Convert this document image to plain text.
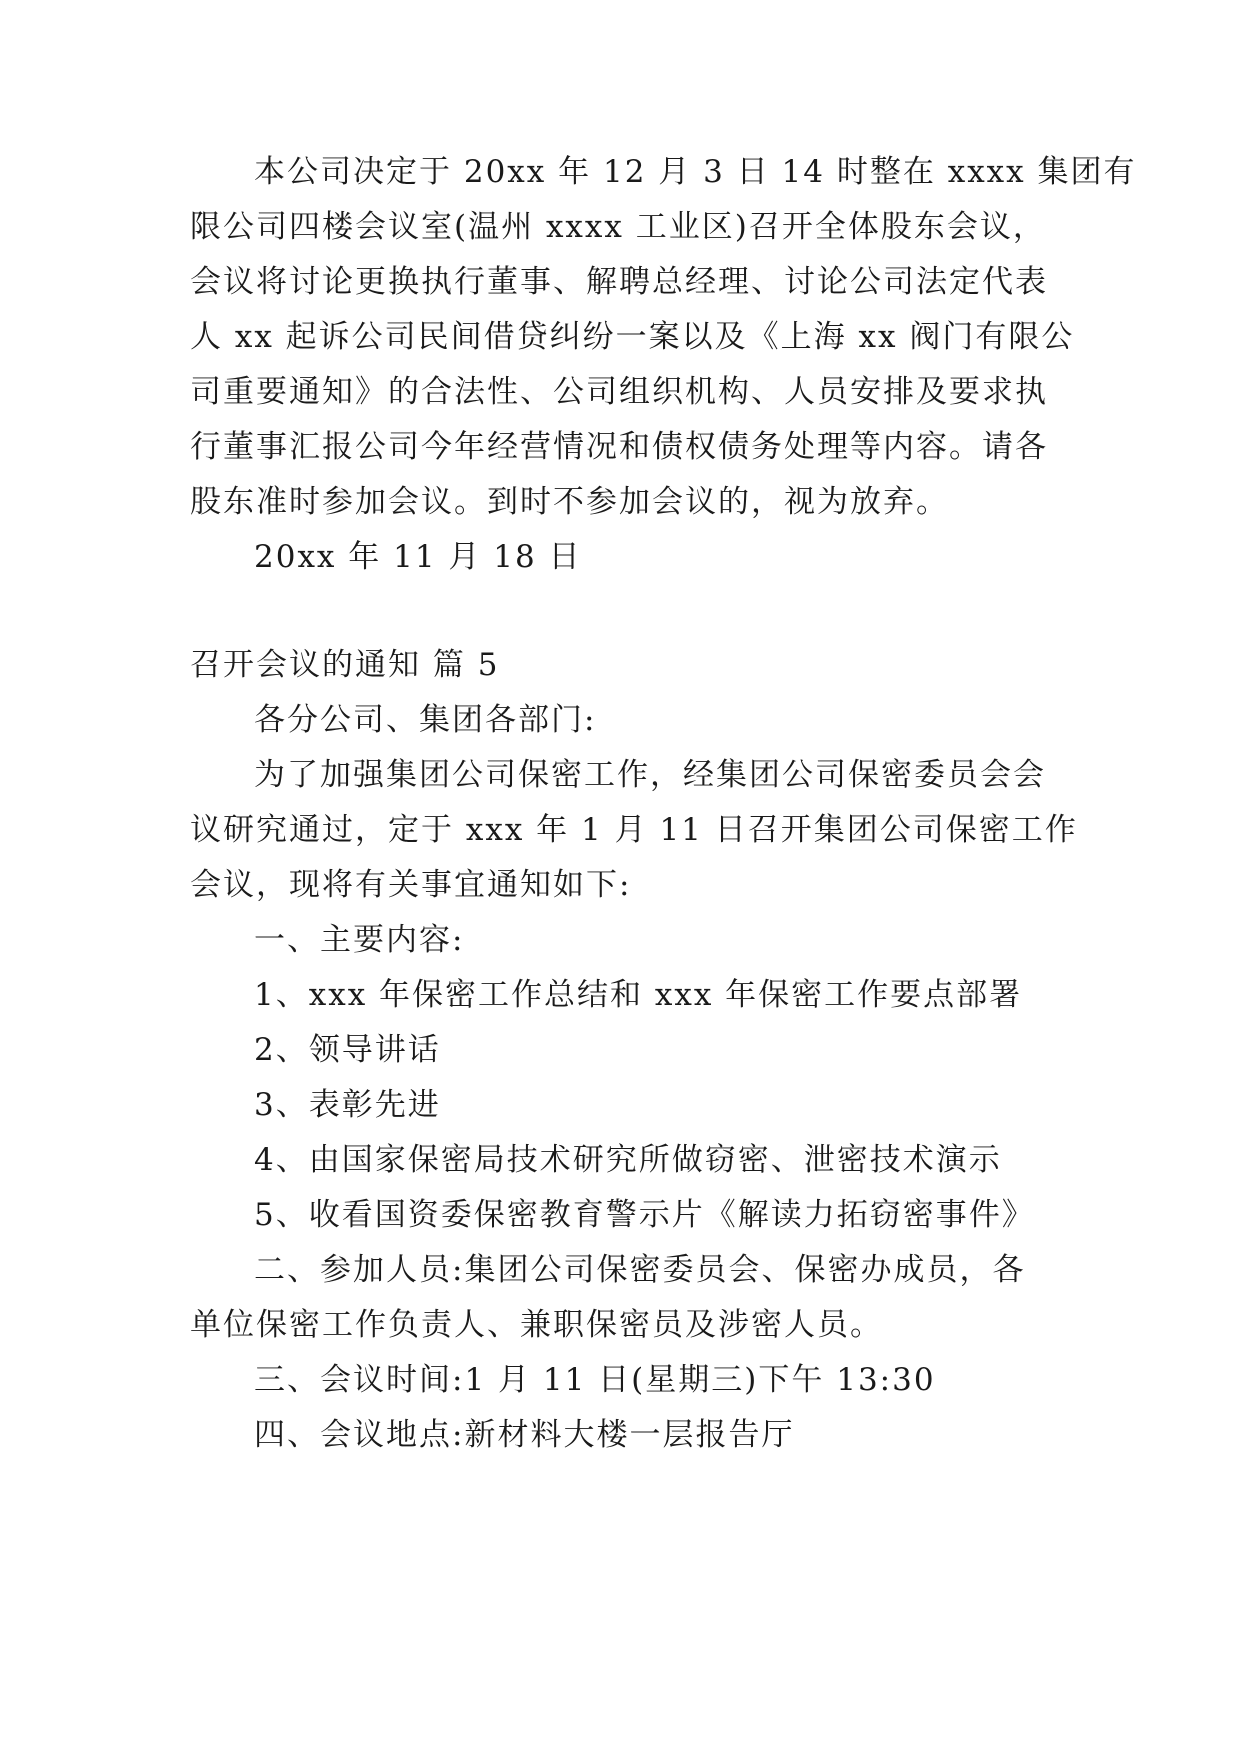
本公司决定于 20xx 年 12 月 3 日 14 时整在 xxxx 集团有
限公司四楼会议室(温州 xxxx 工业区)召开全体股东会议，
会议将讨论更换执行董事、解聘总经理、讨论公司法定代表
人 xx 起诉公司民间借贷纠纷一案以及《上海 xx 阀门有限公
司重要通知》的合法性、公司组织机构、人员安排及要求执
行董事汇报公司今年经营情况和债权债务处理等内容。请各
股东准时参加会议。到时不参加会议的，视为放弃。
20xx 年 11 月 18 日
召开会议的通知 篇 5
各分公司、集团各部门:
为了加强集团公司保密工作，经集团公司保密委员会会
议研究通过，定于 xxx 年 1 月 11 日召开集团公司保密工作
会议，现将有关事宜通知如下:
一、主要内容:
1、xxx 年保密工作总结和 xxx 年保密工作要点部署
2、领导讲话
3、表彰先进
4、由国家保密局技术研究所做窃密、泄密技术演示
5、收看国资委保密教育警示片《解读力拓窃密事件》
二、参加人员:集团公司保密委员会、保密办成员，各
单位保密工作负责人、兼职保密员及涉密人员。
三、会议时间:1 月 11 日(星期三)下午 13:30
四、会议地点:新材料大楼一层报告厅
